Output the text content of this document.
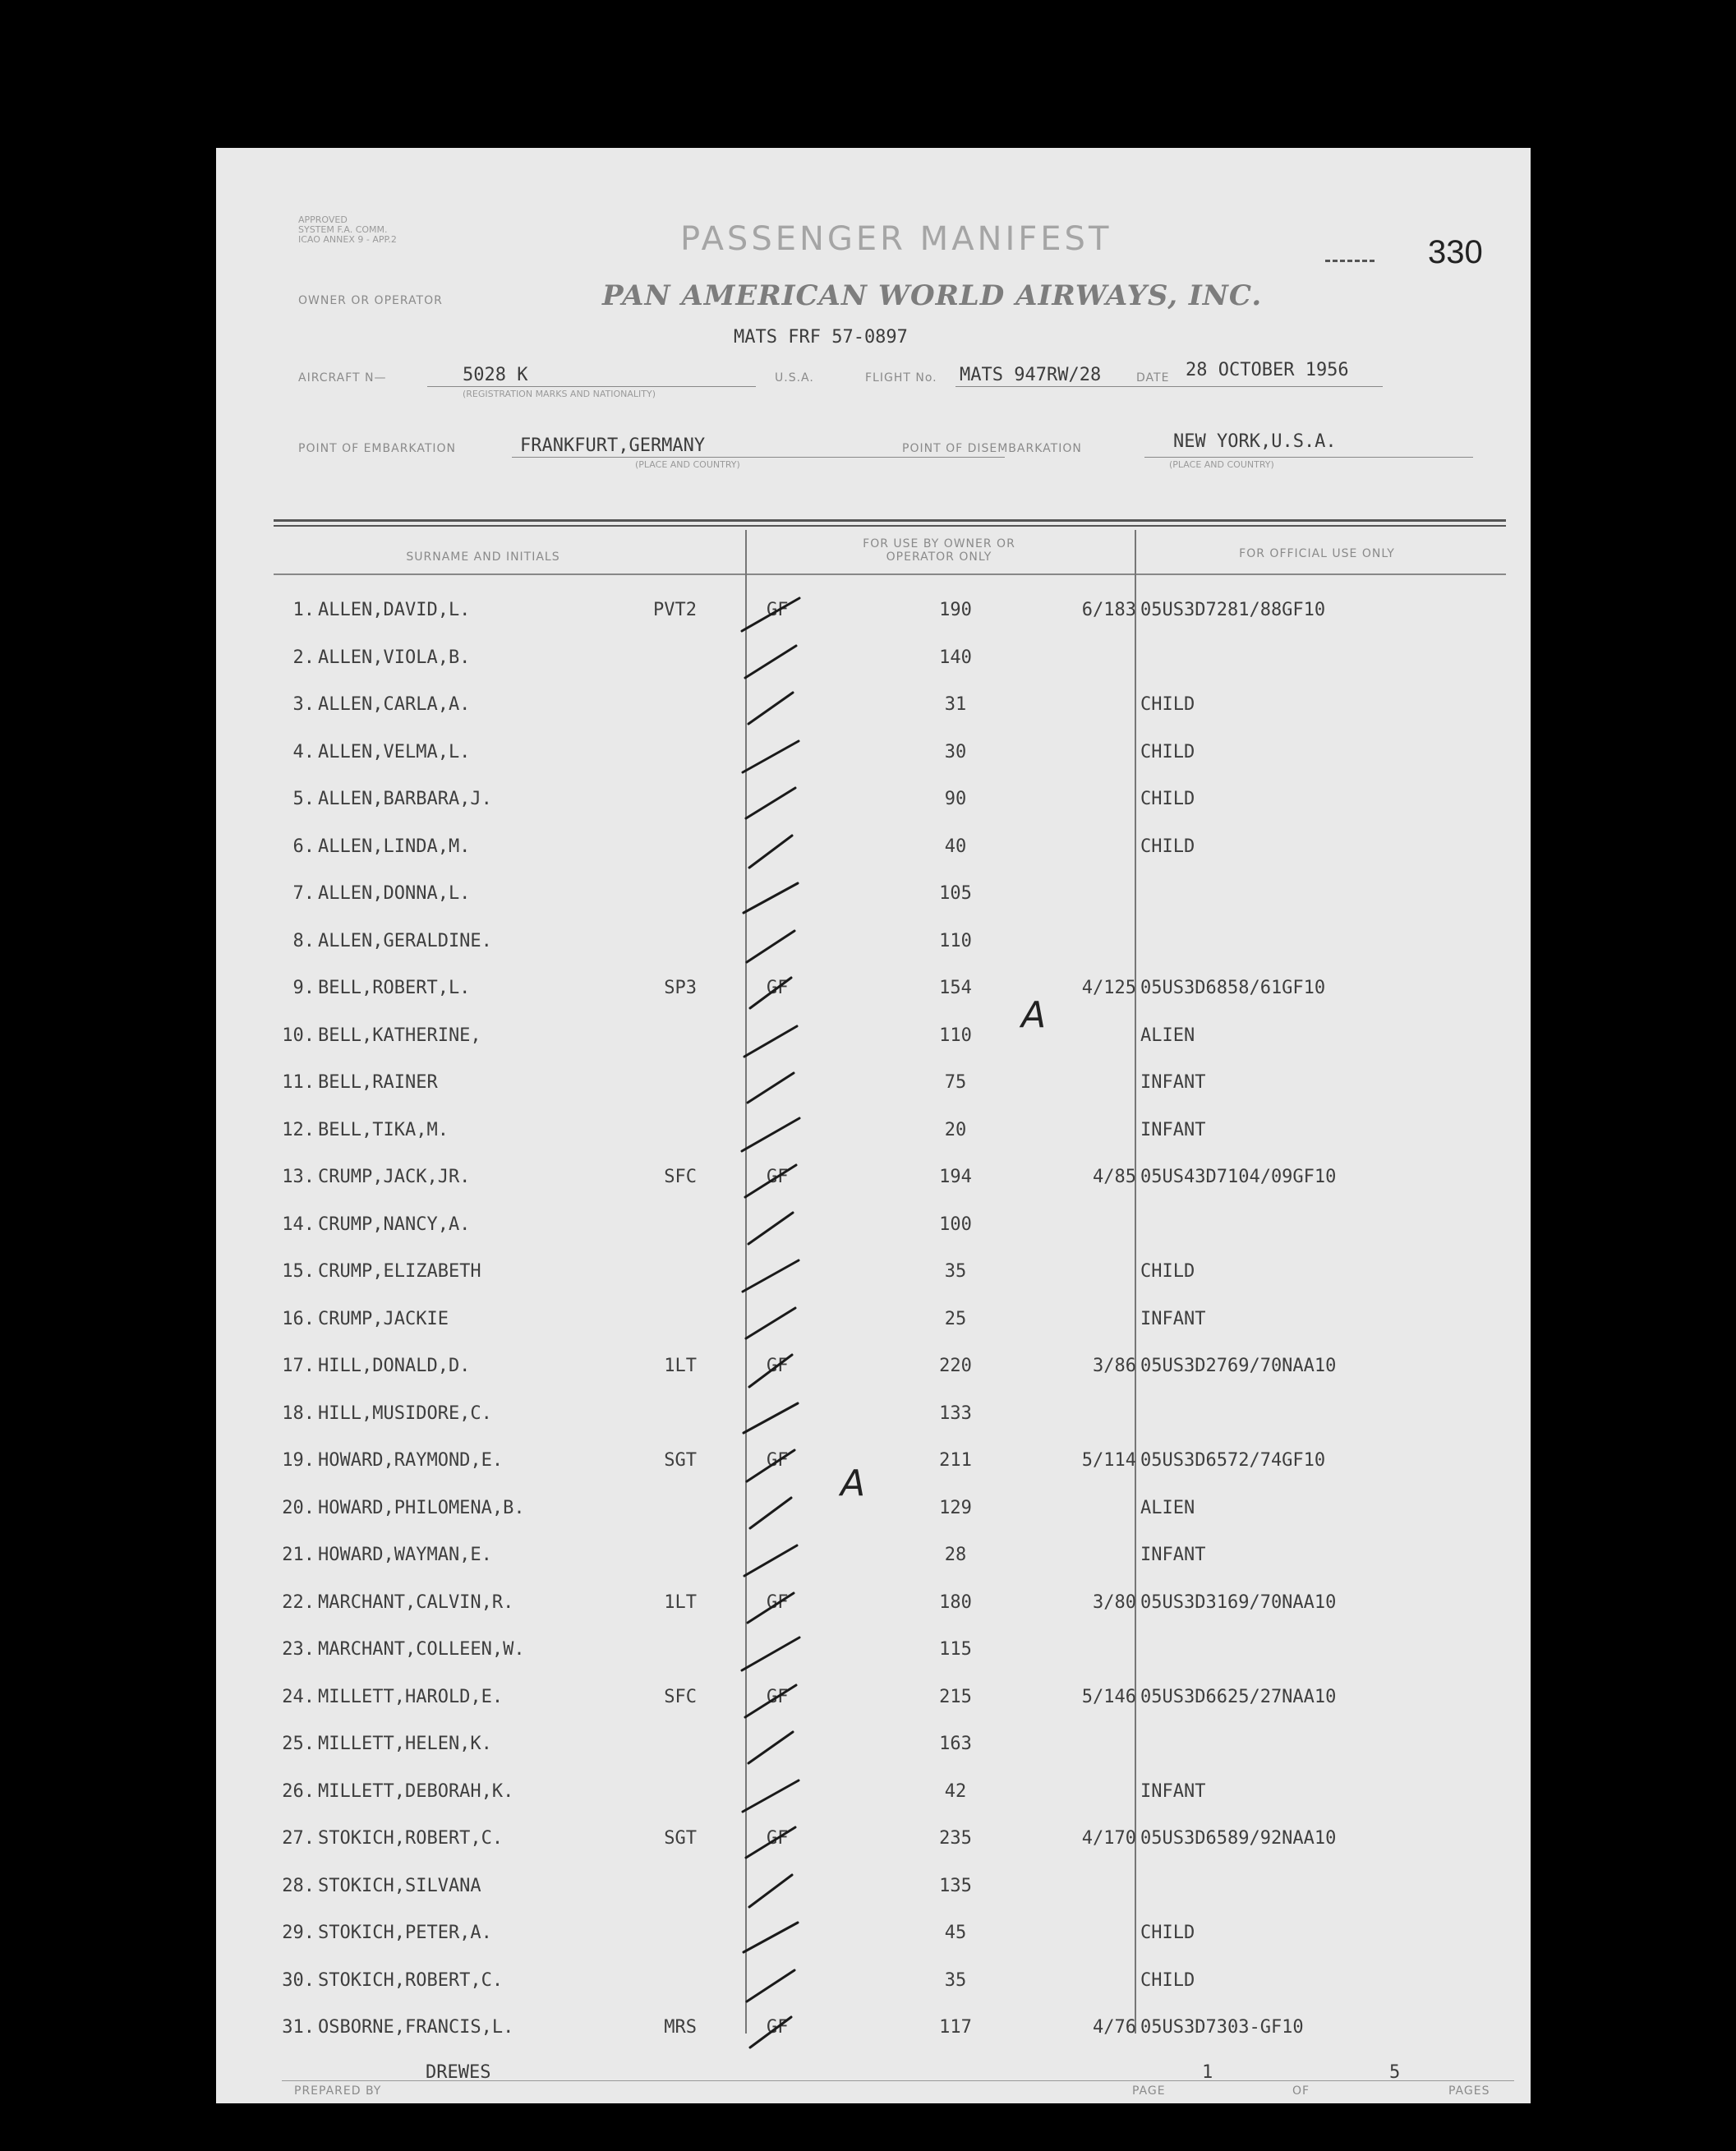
APPROVED
SYSTEM F.A. COMM.
ICAO ANNEX 9 - APP.2	PASSENGER MANIFEST	330
OWNER OR OPERATOR	PAN AMERICAN WORLD AIRWAYS, INC.
MATS FRF 57-0897
AIRCRAFT N—	5028 K
(REGISTRATION MARKS AND NATIONALITY)
U.S.A.	FLIGHT No. MATS 947RW/28	DATE 28 OCTOBER 1956
POINT OF EMBARKATION	FRANKFURT,GERMANY
(PLACE AND COUNTRY)
POINT OF DISEMBARKATION	NEW YORK,U.S.A.
(PLACE AND COUNTRY)
SURNAME AND INITIALS
FOR USE BY OWNER OR OPERATOR ONLY	FOR OFFICIAL USE ONLY
1. ALLEN,DAVID,L.	PVT2	GF	190	6/183 05US3D7281/88GF10
2. ALLEN,VIOLA,B.	140
3. ALLEN,CARLA,A.	31	CHILD
4. ALLEN,VELMA,L.	30	CHILD
5. ALLEN,BARBARA,J.	90	CHILD
6. ALLEN,LINDA,M.	40	CHILD
7. ALLEN,DONNA,L.	105
8. ALLEN,GERALDINE.	110
9. BELL,ROBERT,L.	SP3	GF	154	4/125 05US3D6858/61GF10
10. BELL,KATHERINE,	110	ALIEN
11. BELL,RAINER	75	INFANT
12. BELL,TIKA,M.	20	INFANT
13. CRUMP,JACK,JR.	SFC	GF	194	4/85 05US43D7104/09GF10
14. CRUMP,NANCY,A.	100
15. CRUMP,ELIZABETH	35	CHILD
16. CRUMP,JACKIE	25	INFANT
17. HILL,DONALD,D.	1LT	GF	220	3/86 05US3D2769/70NAA10
18. HILL,MUSIDORE,C.	133
19. HOWARD,RAYMOND,E.	SGT	GF	211	5/114 05US3D6572/74GF10
20. HOWARD,PHILOMENA,B.	129	ALIEN
21. HOWARD,WAYMAN,E.	28	INFANT
22. MARCHANT,CALVIN,R.	1LT	GF	180	3/80 05US3D3169/70NAA10
23. MARCHANT,COLLEEN,W.	115
24. MILLETT,HAROLD,E.	SFC	GF	215	5/146 05US3D6625/27NAA10
25. MILLETT,HELEN,K.	163
26. MILLETT,DEBORAH,K.	42	INFANT
27. STOKICH,ROBERT,C.	SGT	GF	235	4/170 05US3D6589/92NAA10
28. STOKICH,SILVANA	135
29. STOKICH,PETER,A.	45	CHILD
30. STOKICH,ROBERT,C.	35	CHILD
31. OSBORNE,FRANCIS,L.	MRS	GF	117	4/76 05US3D7303-GF10
A
A
PREPARED BY
DREWES
PAGE
1
OF
5
PAGES
